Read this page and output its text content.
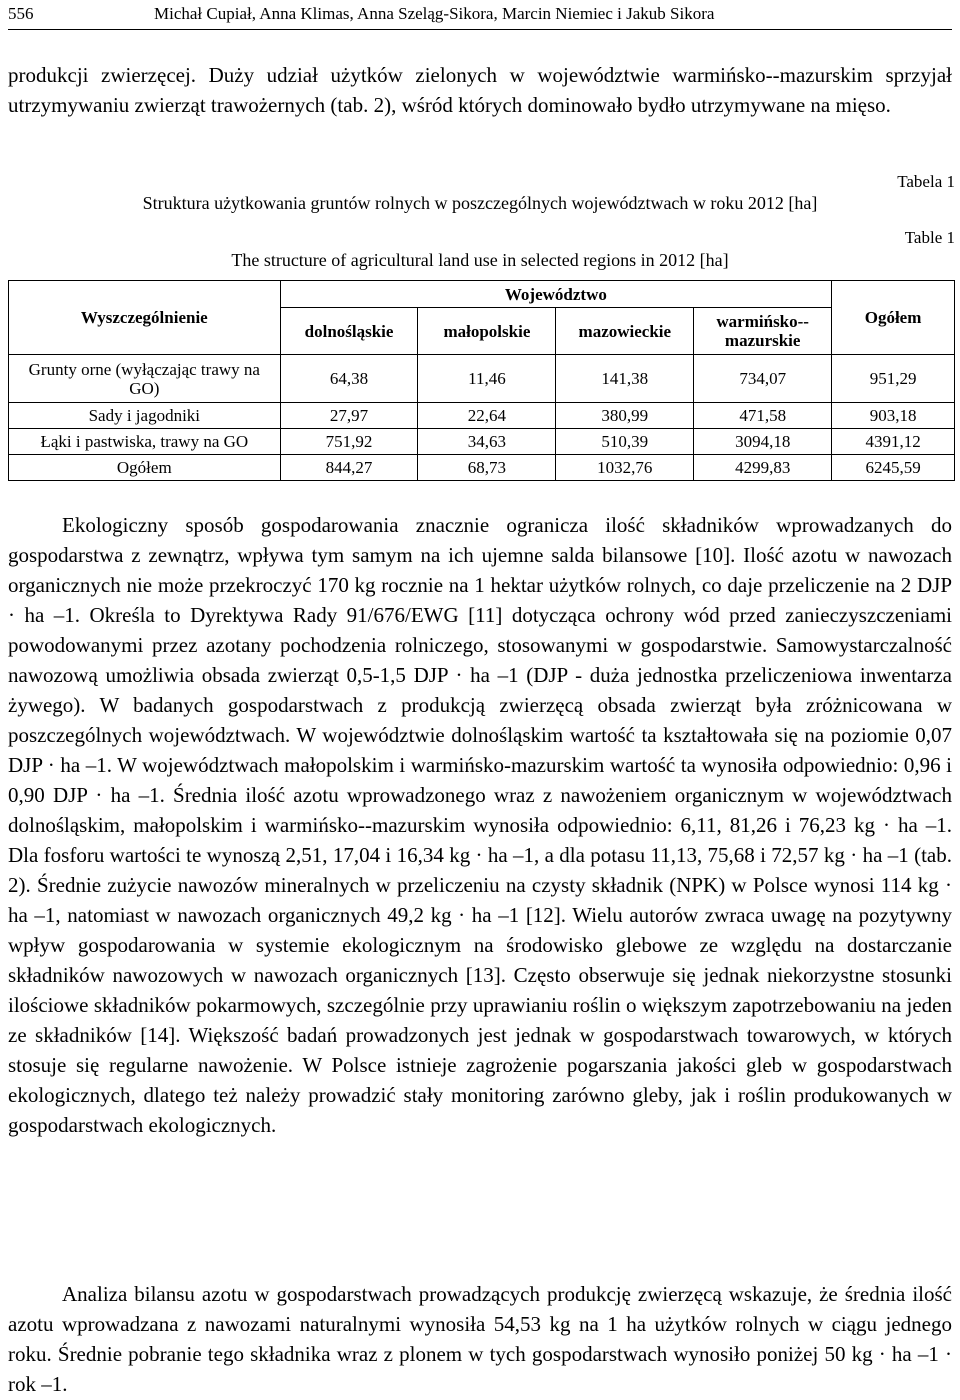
556	Michał Cupiał, Anna Klimas, Anna Szeląg-Sikora, Marcin Niemiec i Jakub Sikora

produkcji zwierzęcej. Duży udział użytków zielonych w województwie warmińsko--mazurskim sprzyjał utrzymywaniu zwierząt trawożernych (tab. 2), wśród których dominowało bydło utrzymywane na mięso.

Tabela 1
Struktura użytkowania gruntów rolnych w poszczególnych województwach w roku 2012 [ha]
Table 1
The structure of agricultural land use in selected regions in 2012 [ha]
Wyszczególnienie	Województwo				Ogółem
	dolnośląskie	małopolskie	mazowieckie	warmińsko--mazurskie	
Grunty orne (wyłączając trawy na GO)	64,38	11,46	141,38	734,07	951,29
Sady i jagodniki	27,97	22,64	380,99	471,58	903,18
Łąki i pastwiska, trawy na GO	751,92	34,63	510,39	3094,18	4391,12
Ogółem	844,27	68,73	1032,76	4299,83	6245,59

Ekologiczny sposób gospodarowania znacznie ogranicza ilość składników wprowadzanych do gospodarstwa z zewnątrz, wpływa tym samym na ich ujemne salda bilansowe [10]. Ilość azotu w nawozach organicznych nie może przekroczyć 170 kg rocznie na 1 hektar użytków rolnych, co daje przeliczenie na 2 DJP · ha –1. Określa to Dyrektywa Rady 91/676/EWG [11] dotycząca ochrony wód przed zanieczyszczeniami powodowanymi przez azotany pochodzenia rolniczego, stosowanymi w gospodarstwie. Samowystarczalność nawozową umożliwia obsada zwierząt 0,5-1,5 DJP · ha –1 (DJP - duża jednostka przeliczeniowa inwentarza żywego). W badanych gospodarstwach z produkcją zwierzęcą obsada zwierząt była zróżnicowana w poszczególnych województwach. W województwie dolnośląskim wartość ta kształtowała się na poziomie 0,07 DJP · ha –1. W województwach małopolskim i warmińsko-mazurskim wartość ta wynosiła odpowiednio: 0,96 i 0,90 DJP · ha –1. Średnia ilość azotu wprowadzonego wraz z nawożeniem organicznym w województwach dolnośląskim, małopolskim i warmińsko--mazurskim wynosiła odpowiednio: 6,11, 81,26 i 76,23 kg · ha –1. Dla fosforu wartości te wynoszą 2,51, 17,04 i 16,34 kg · ha –1, a dla potasu 11,13, 75,68 i 72,57 kg · ha –1 (tab. 2). Średnie zużycie nawozów mineralnych w przeliczeniu na czysty składnik (NPK) w Polsce wynosi 114 kg · ha –1, natomiast w nawozach organicznych 49,2 kg · ha –1 [12]. Wielu autorów zwraca uwagę na pozytywny wpływ gospodarowania w systemie ekologicznym na środowisko glebowe ze względu na dostarczanie składników nawozowych w nawozach organicznych [13]. Często obserwuje się jednak niekorzystne stosunki ilościowe składników pokarmowych, szczególnie przy uprawianiu roślin o większym zapotrzebowaniu na jeden ze składników [14]. Większość badań prowadzonych jest jednak w gospodarstwach towarowych, w których stosuje się regularne nawożenie. W Polsce istnieje zagrożenie pogarszania jakości gleb w gospodarstwach ekologicznych, dlatego też należy prowadzić stały monitoring zarówno gleby, jak i roślin produkowanych w gospodarstwach ekologicznych.

Analiza bilansu azotu w gospodarstwach prowadzących produkcję zwierzęcą wskazuje, że średnia ilość azotu wprowadzana z nawozami naturalnymi wynosiła 54,53 kg na 1 ha użytków rolnych w ciągu jednego roku. Średnie pobranie tego składnika wraz z plonem w tych gospodarstwach wynosiło poniżej 50 kg · ha –1 · rok –1.
